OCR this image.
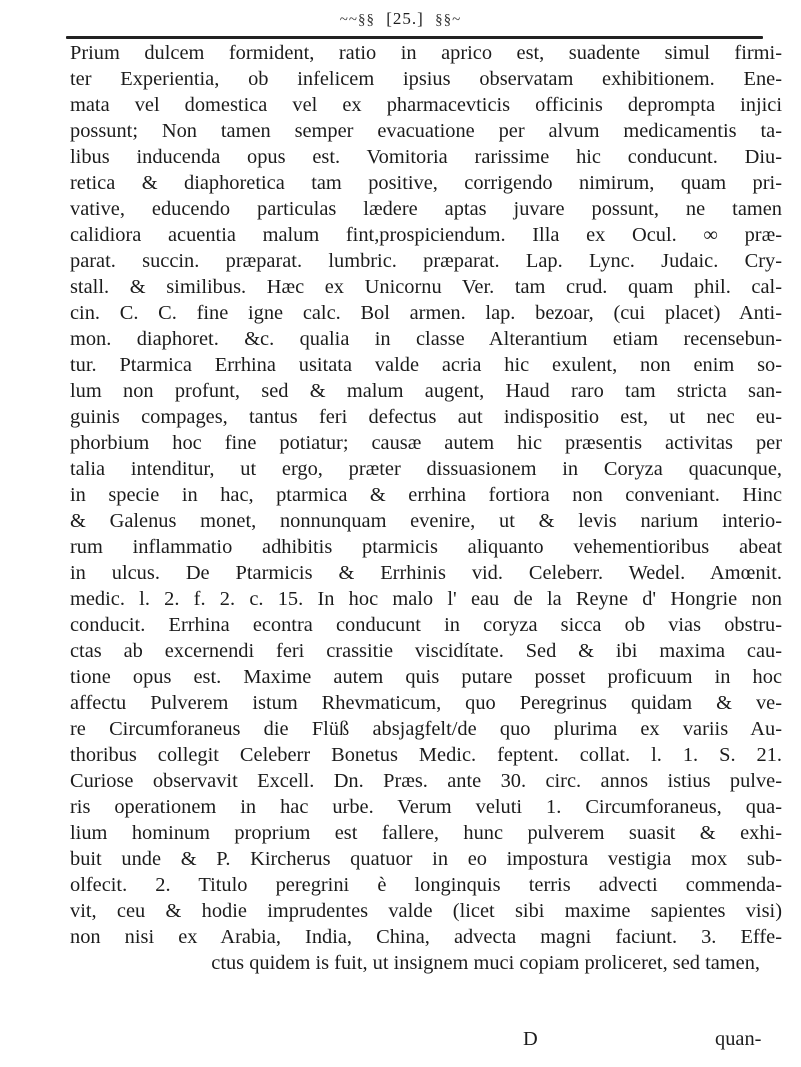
~~§§ [25.] §§~
Prium dulcem formident, ratio in aprico est, suadente simul firmi-
ter Experientia, ob infelicem ipsius observatam exhibitionem. Ene-
mata vel domestica vel ex pharmacevticis officinis deprompta injici
possunt; Non tamen semper evacuatione per alvum medicamentis ta-
libus inducenda opus est. Vomitoria rarissime hic conducunt. Diu-
retica & diaphoretica tam positive, corrigendo nimirum, quam pri-
vative, educendo particulas lædere aptas juvare possunt, ne tamen
calidiora acuentia malum fint,prospiciendum. Illa ex Ocul. ∞ præ-
parat. succin. præparat. lumbric. præparat. Lap. Lync. Judaic. Cry-
stall. & similibus. Hæc ex Unicornu Ver. tam crud. quam phil. cal-
cin. C. C. fine igne calc. Bol armen. lap. bezoar, (cui placet) Anti-
mon. diaphoret. &c. qualia in classe Alterantium etiam recensebun-
tur. Ptarmica Errhina usitata valde acria hic exulent, non enim so-
lum non profunt, sed & malum augent, Haud raro tam stricta san-
guinis compages, tantus feri defectus aut indispositio est, ut nec eu-
phorbium hoc fine potiatur; causæ autem hic præsentis activitas per
talia intenditur, ut ergo, præter dissuasionem in Coryza quacunque,
in specie in hac, ptarmica & errhina fortiora non conveniant. Hinc
& Galenus monet, nonnunquam evenire, ut & levis narium interio-
rum inflammatio adhibitis ptarmicis aliquanto vehementioribus abeat
in ulcus. De Ptarmicis & Errhinis vid. Celeberr. Wedel. Amœnit.
medic. l. 2. f. 2. c. 15. In hoc malo l' eau de la Reyne d' Hongrie non
conducit. Errhina econtra conducunt in coryza sicca ob vias obstru-
ctas ab excernendi feri crassitie viscidítate. Sed & ibi maxima cau-
tione opus est. Maxime autem quis putare posset proficuum in hoc
affectu Pulverem istum Rhevmaticum, quo Peregrinus quidam & ve-
re Circumforaneus die Flüß absjagfelt/de quo plurima ex variis Au-
thoribus collegit Celeberr Bonetus Medic. feptent. collat. l. 1. S. 21.
Curiose observavit Excell. Dn. Præs. ante 30. circ. annos istius pulve-
ris operationem in hac urbe. Verum veluti 1. Circumforaneus, qua-
lium hominum proprium est fallere, hunc pulverem suasit & exhi-
buit unde & P. Kircherus quatuor in eo impostura vestigia mox sub-
olfecit. 2. Titulo peregrini è longinquis terris advecti commenda-
vit, ceu & hodie imprudentes valde (licet sibi maxime sapientes visi)
non nisi ex Arabia, India, China, advecta magni faciunt. 3. Effe-
ctus quidem is fuit, ut insignem muci copiam proliceret, sed tamen,
D	quan-
